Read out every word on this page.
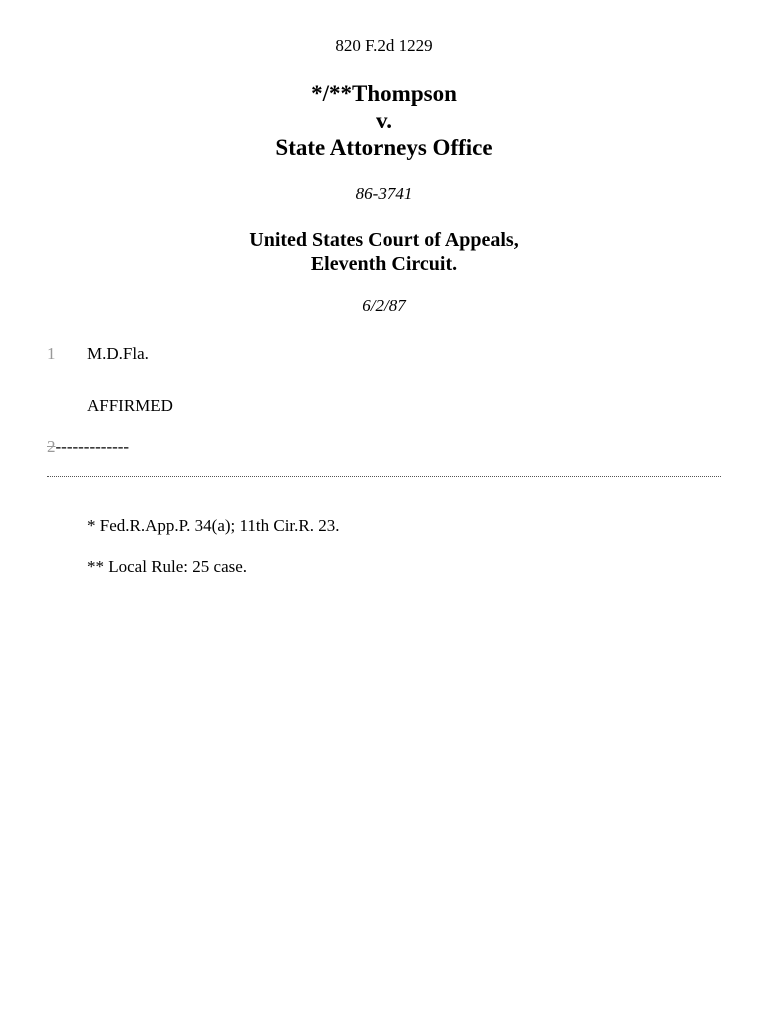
820 F.2d 1229
*/**Thompson
v.
State Attorneys Office
86-3741
United States Court of Appeals,
Eleventh Circuit.
6/2/87
1 M.D.Fla.
AFFIRMED
2-------------
* Fed.R.App.P. 34(a); 11th Cir.R. 23.
** Local Rule: 25 case.
